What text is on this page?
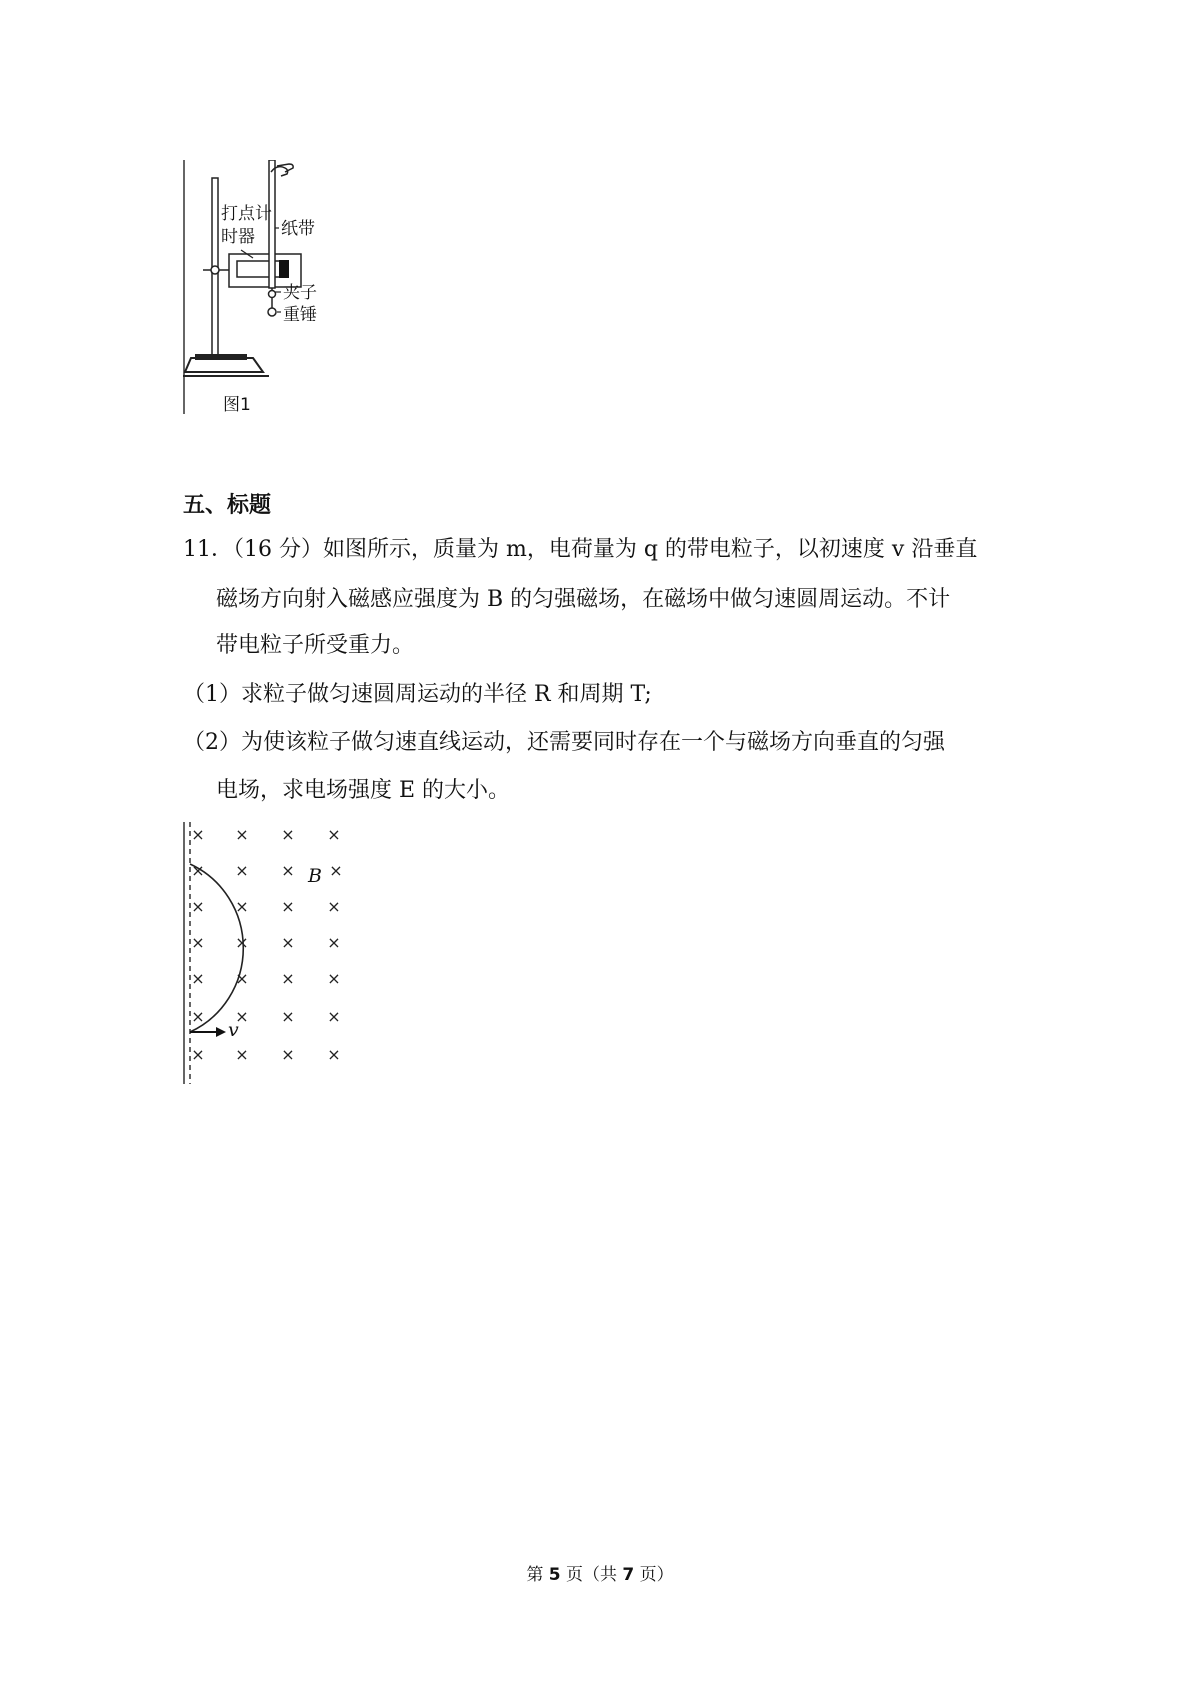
打点计
时器 纸带
夹子
重锤
图1
五、标题
11．（16 分）如图所示，质量为 m，电荷量为 q 的带电粒子，以初速度 v 沿垂直
磁场方向射入磁感应强度为 B 的匀强磁场，在磁场中做匀速圆周运动。不计
带电粒子所受重力。
（1）求粒子做匀速圆周运动的半径 R 和周期 T;
（2）为使该粒子做匀速直线运动，还需要同时存在一个与磁场方向垂直的匀强
电场，求电场强度 E 的大小。
× × × ×
× × × ×
× × × ×
× × × ×
× × × ×
× × × ×
× × × ×
v
B
第 5 页（共 7 页）
